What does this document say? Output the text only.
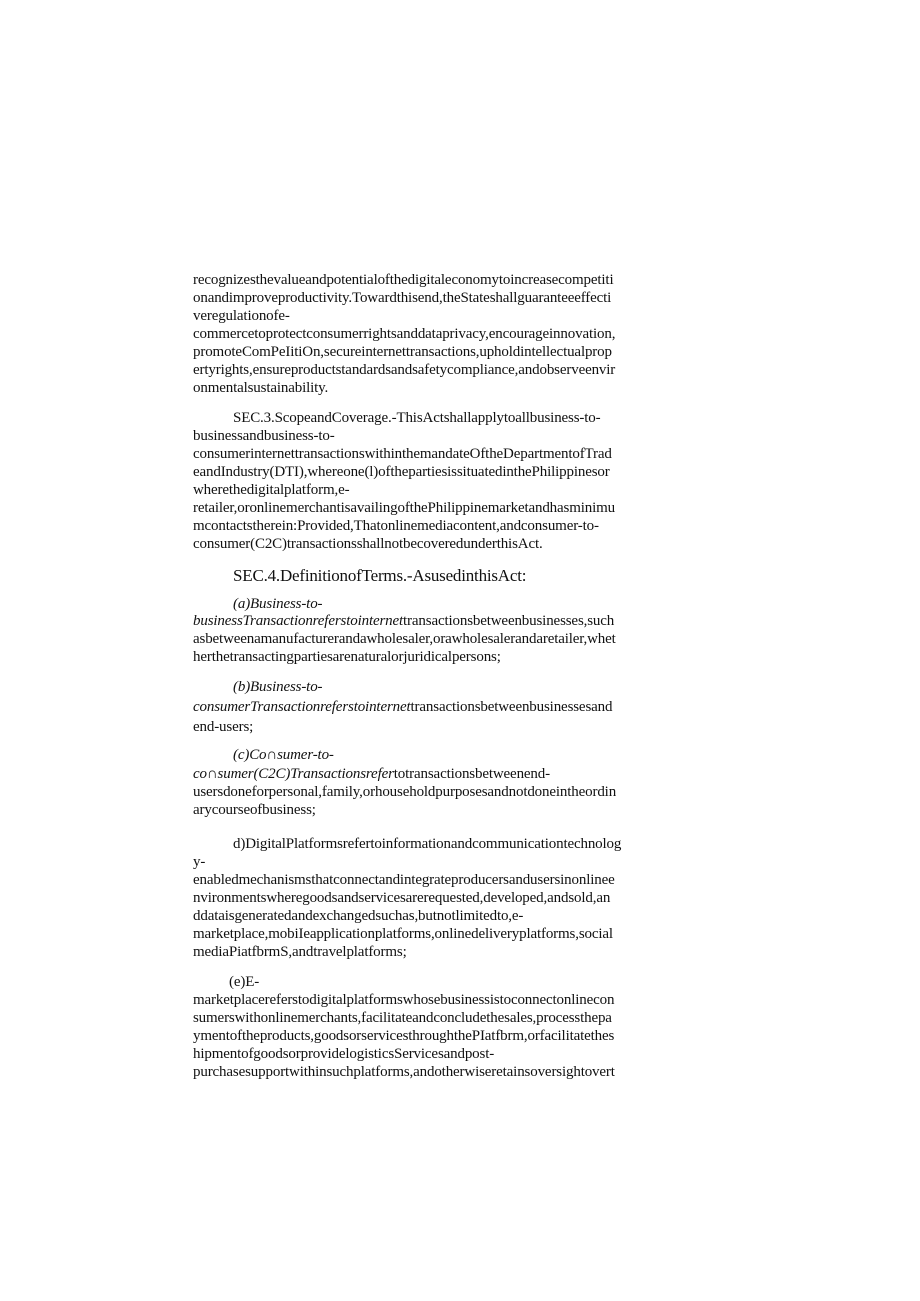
recognizesthevalueandpotentialofthedigitaleconomytoincreasecompetiti
onandimproveproductivity.Towardthisend,theStateshallguaranteeeffecti
veregulationofe-
commercetoprotectconsumerrightsanddataprivacy,encourageinnovation,
promoteComPeIitiOn,secureinternettransactions,upholdintellectualprop
ertyrights,ensureproductstandardsandsafetycompliance,andobserveenvir
onmentalsustainability.
SEC.3.ScopeandCoverage.-ThisActshallapplytoallbusiness-to-
businessandbusiness-to-
consumerinternettransactionswithinthemandateOftheDepartmentofTrad
eandIndustry(DTI),whereone(l)ofthepartiesissituatedinthePhilippinesor
wherethedigitalplatform,e-
retailer,oronlinemerchantisavailingofthePhilippinemarketandhasminimu
mcontactstherein:Provided,Thatonlinemediacontent,andconsumer-to-
consumer(C2C)transactionsshallnotbecoveredunderthisAct.
SEC.4.DefinitionofTerms.-AsusedinthisAct:
(a)Business-to-
businessTransactionreferstointernettransactionsbetweenbusinesses,such
asbetweenamanufacturerandawholesaler,orawholesalerandaretailer,whet
herthetransactingpartiesarenaturalorjuridicalpersons;
(b)Business-to-
consumerTransactionreferstointernettransactionsbetweenbusinessesand
end-users;
(c)Co∩sumer-to-
co∩sumer(C2C)Transactionsrefertotransactionsbetweenend-
usersdoneforpersonal,family,orhouseholdpurposesandnotdoneintheordin
arycourseofbusiness;
d)DigitalPlatformsrefertoinformationandcommunicationtechnolog
y-
enabledmechanismsthatconnectandintegrateproducersandusersinonlinee
nvironmentswheregoodsandservicesarerequested,developed,andsold,an
ddataisgeneratedandexchangedsuchas,butnotlimitedto,e-
marketplace,mobiIeapplicationplatforms,onlinedeliveryplatforms,social
mediaPiatfbrmS,andtravelplatforms;
(e)E-
marketplacereferstodigitalplatformswhosebusinessistoconnectonlinecon
sumerswithonlinemerchants,facilitateandconcludethesales,processthepa
ymentoftheproducts,goodsorservicesthroughthePIatfbrm,orfacilitatethes
hipmentofgoodsorprovidelogisticsServicesandpost-
purchasesupportwithinsuchplatforms,andotherwiseretainsoversightovert
